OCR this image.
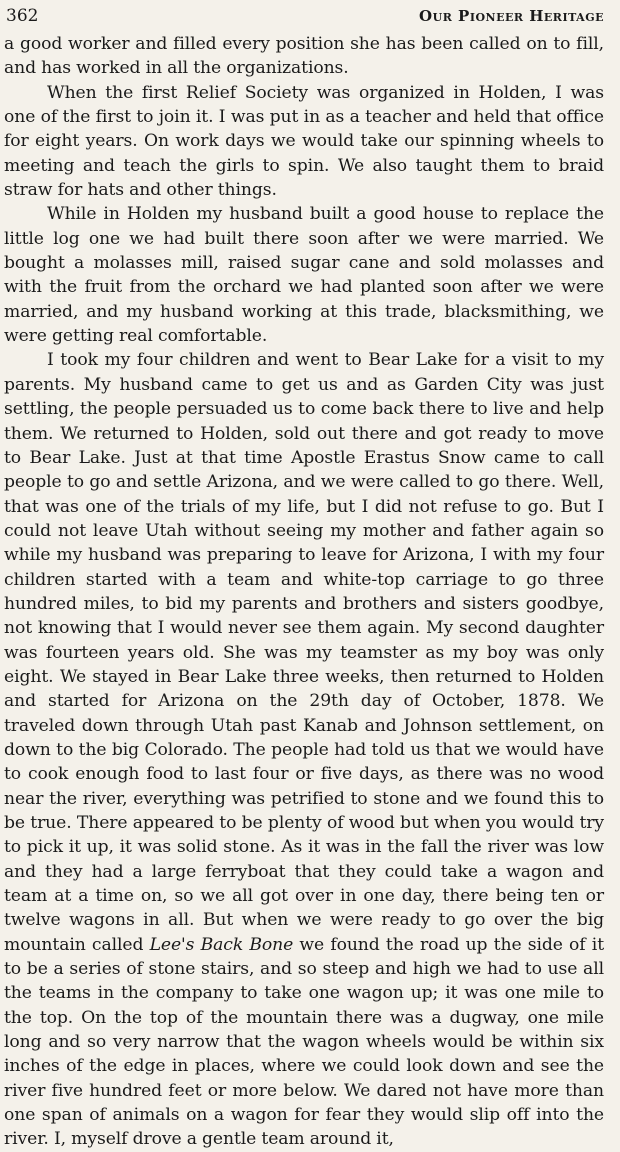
362	Our Pioneer Heritage

a good worker and filled every position she has been called on to fill, and has worked in all the organizations.

When the first Relief Society was organized in Holden, I was one of the first to join it. I was put in as a teacher and held that office for eight years. On work days we would take our spinning wheels to meeting and teach the girls to spin. We also taught them to braid straw for hats and other things.

While in Holden my husband built a good house to replace the little log one we had built there soon after we were married. We bought a molasses mill, raised sugar cane and sold molasses and with the fruit from the orchard we had planted soon after we were married, and my husband working at this trade, blacksmithing, we were getting real comfortable.

I took my four children and went to Bear Lake for a visit to my parents. My husband came to get us and as Garden City was just settling, the people persuaded us to come back there to live and help them. We returned to Holden, sold out there and got ready to move to Bear Lake. Just at that time Apostle Erastus Snow came to call people to go and settle Arizona, and we were called to go there. Well, that was one of the trials of my life, but I did not refuse to go. But I could not leave Utah without seeing my mother and father again so while my husband was preparing to leave for Arizona, I with my four children started with a team and white-top carriage to go three hundred miles, to bid my parents and brothers and sisters goodbye, not knowing that I would never see them again. My second daughter was fourteen years old. She was my teamster as my boy was only eight. We stayed in Bear Lake three weeks, then returned to Holden and started for Arizona on the 29th day of October, 1878. We traveled down through Utah past Kanab and Johnson settlement, on down to the big Colorado. The people had told us that we would have to cook enough food to last four or five days, as there was no wood near the river, everything was petrified to stone and we found this to be true. There appeared to be plenty of wood but when you would try to pick it up, it was solid stone. As it was in the fall the river was low and they had a large ferryboat that they could take a wagon and team at a time on, so we all got over in one day, there being ten or twelve wagons in all. But when we were ready to go over the big mountain called Lee's Back Bone we found the road up the side of it to be a series of stone stairs, and so steep and high we had to use all the teams in the company to take one wagon up; it was one mile to the top. On the top of the mountain there was a dugway, one mile long and so very narrow that the wagon wheels would be within six inches of the edge in places, where we could look down and see the river five hundred feet or more below. We dared not have more than one span of animals on a wagon for fear they would slip off into the river. I, myself drove a gentle team around it,
